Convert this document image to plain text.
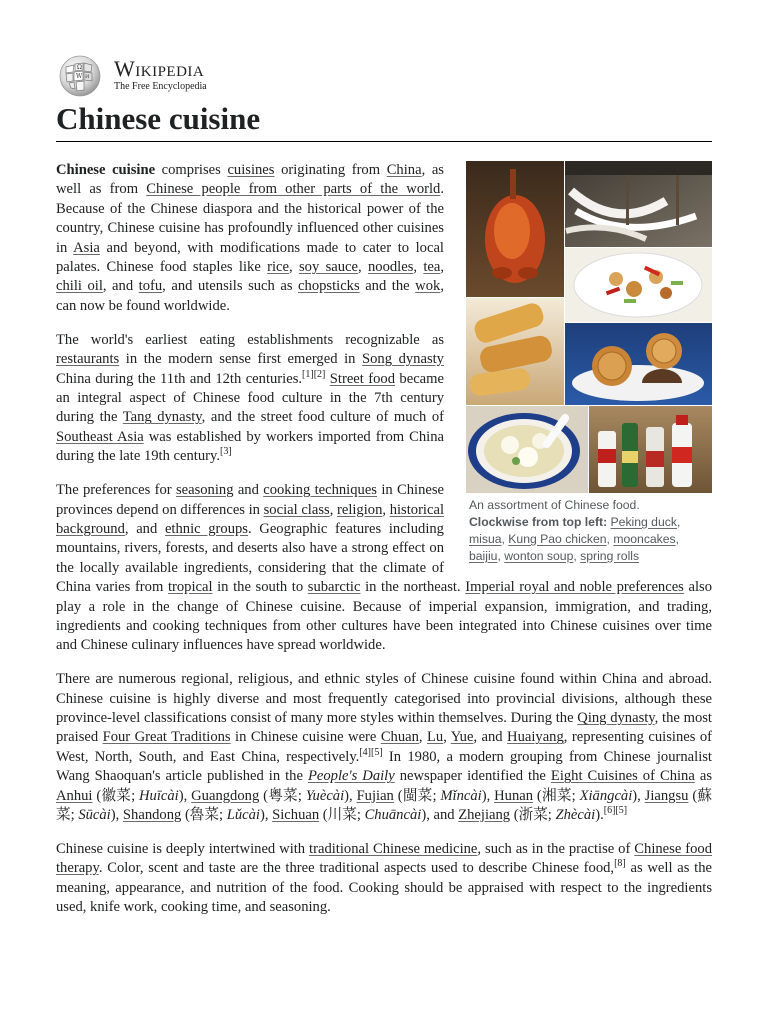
Ω
W И Wikipedia
The Free Encyclopedia
Chinese cuisine
An assortment of Chinese food.
Clockwise from top left: Peking duck, misua, Kung Pao chicken, mooncakes, baijiu, wonton soup, spring rolls

Chinese cuisine comprises cuisines originating from China, as well as from Chinese people from other parts of the world. Because of the Chinese diaspora and the historical power of the country, Chinese cuisine has profoundly influenced other cuisines in Asia and beyond, with modifications made to cater to local palates. Chinese food staples like rice, soy sauce, noodles, tea, chili oil, and tofu, and utensils such as chopsticks and the wok, can now be found worldwide.

The world's earliest eating establishments recognizable as restaurants in the modern sense first emerged in Song dynasty China during the 11th and 12th centuries.[1][2] Street food became an integral aspect of Chinese food culture in the 7th century during the Tang dynasty, and the street food culture of much of Southeast Asia was established by workers imported from China during the late 19th century.[3]

The preferences for seasoning and cooking techniques in Chinese provinces depend on differences in social class, religion, historical background, and ethnic groups. Geographic features including mountains, rivers, forests, and deserts also have a strong effect on the locally available ingredients, considering that the climate of China varies from tropical in the south to subarctic in the northeast. Imperial royal and noble preferences also play a role in the change of Chinese cuisine. Because of imperial expansion, immigration, and trading, ingredients and cooking techniques from other cultures have been integrated into Chinese cuisines over time and Chinese culinary influences have spread worldwide.

There are numerous regional, religious, and ethnic styles of Chinese cuisine found within China and abroad. Chinese cuisine is highly diverse and most frequently categorised into provincial divisions, although these province-level classifications consist of many more styles within themselves. During the Qing dynasty, the most praised Four Great Traditions in Chinese cuisine were Chuan, Lu, Yue, and Huaiyang, representing cuisines of West, North, South, and East China, respectively.[4][5] In 1980, a modern grouping from Chinese journalist Wang Shaoquan's article published in the People's Daily newspaper identified the Eight Cuisines of China as Anhui (徽菜; Huīcài), Guangdong (粵菜; Yuècài), Fujian (閩菜; Mǐncài), Hunan (湘菜; Xiāngcài), Jiangsu (蘇菜; Sūcài), Shandong (魯菜; Lǔcài), Sichuan (川菜; Chuāncài), and Zhejiang (浙菜; Zhècài).[6][5]

Chinese cuisine is deeply intertwined with traditional Chinese medicine, such as in the practise of Chinese food therapy. Color, scent and taste are the three traditional aspects used to describe Chinese food,[8] as well as the meaning, appearance, and nutrition of the food. Cooking should be appraised with respect to the ingredients used, knife work, cooking time, and seasoning.
